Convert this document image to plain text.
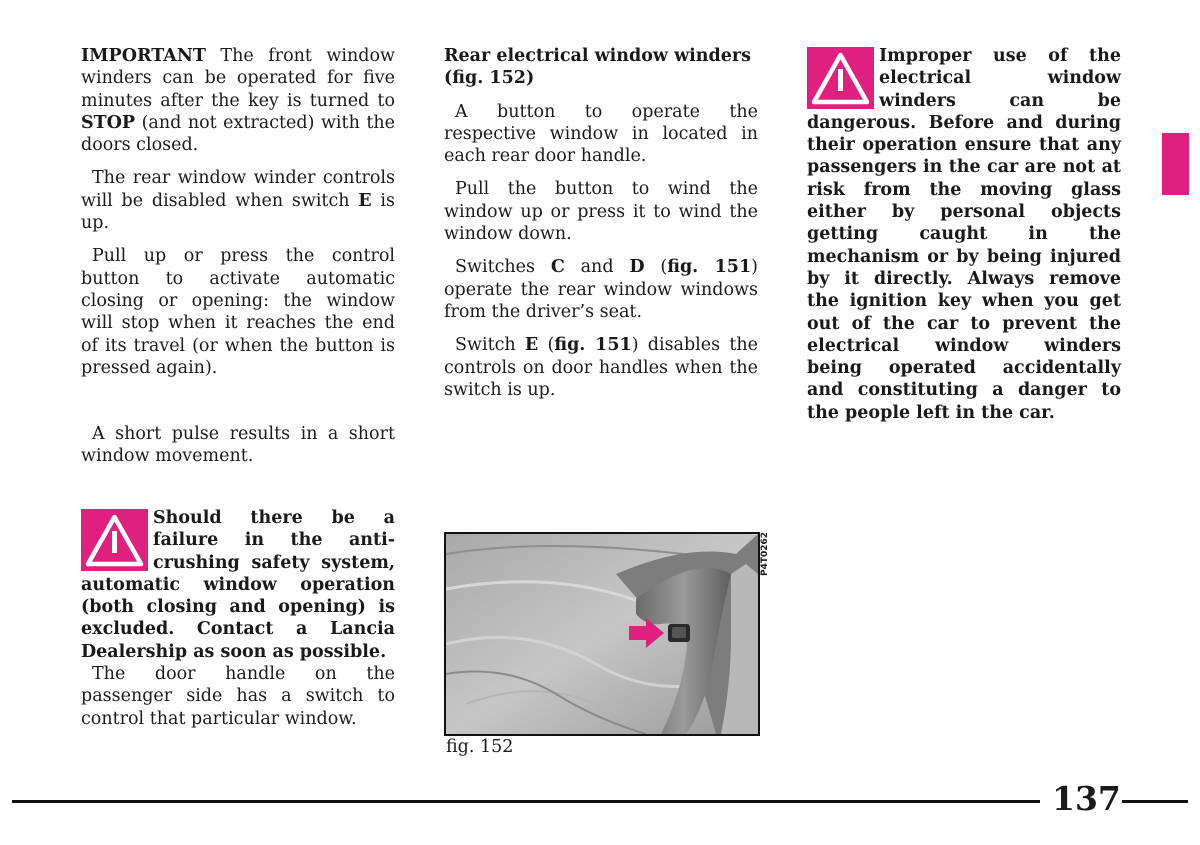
IMPORTANT The front window winders can be operated for five minutes after the key is turned to STOP (and not extracted) with the doors closed.

The rear window winder controls will be disabled when switch E is up.

Pull up or press the control button to activate automatic closing or opening: the window will stop when it reaches the end of its travel (or when the button is pressed again).

A short pulse results in a short window movement.

Should there be a failure in the anti-crushing safety system, automatic window operation (both closing and opening) is excluded. Contact a Lancia Dealership as soon as possible.

The door handle on the passenger side has a switch to control that particular window.

Rear electrical window winders (fig. 152)

A button to operate the respective window in located in each rear door handle.

Pull the button to wind the window up or press it to wind the window down.

Switches C and D (fig. 151) operate the rear window windows from the driver’s seat.

Switch E (fig. 151) disables the controls on door handles when the switch is up.

P4T0262
fig. 152

Improper use of the electrical window winders can be dangerous. Before and during their operation ensure that any passengers in the car are not at risk from the moving glass either by personal objects getting caught in the mechanism or by being injured by it directly. Always remove the ignition key when you get out of the car to prevent the electrical window winders being operated accidentally and constituting a danger to the people left in the car.

137
